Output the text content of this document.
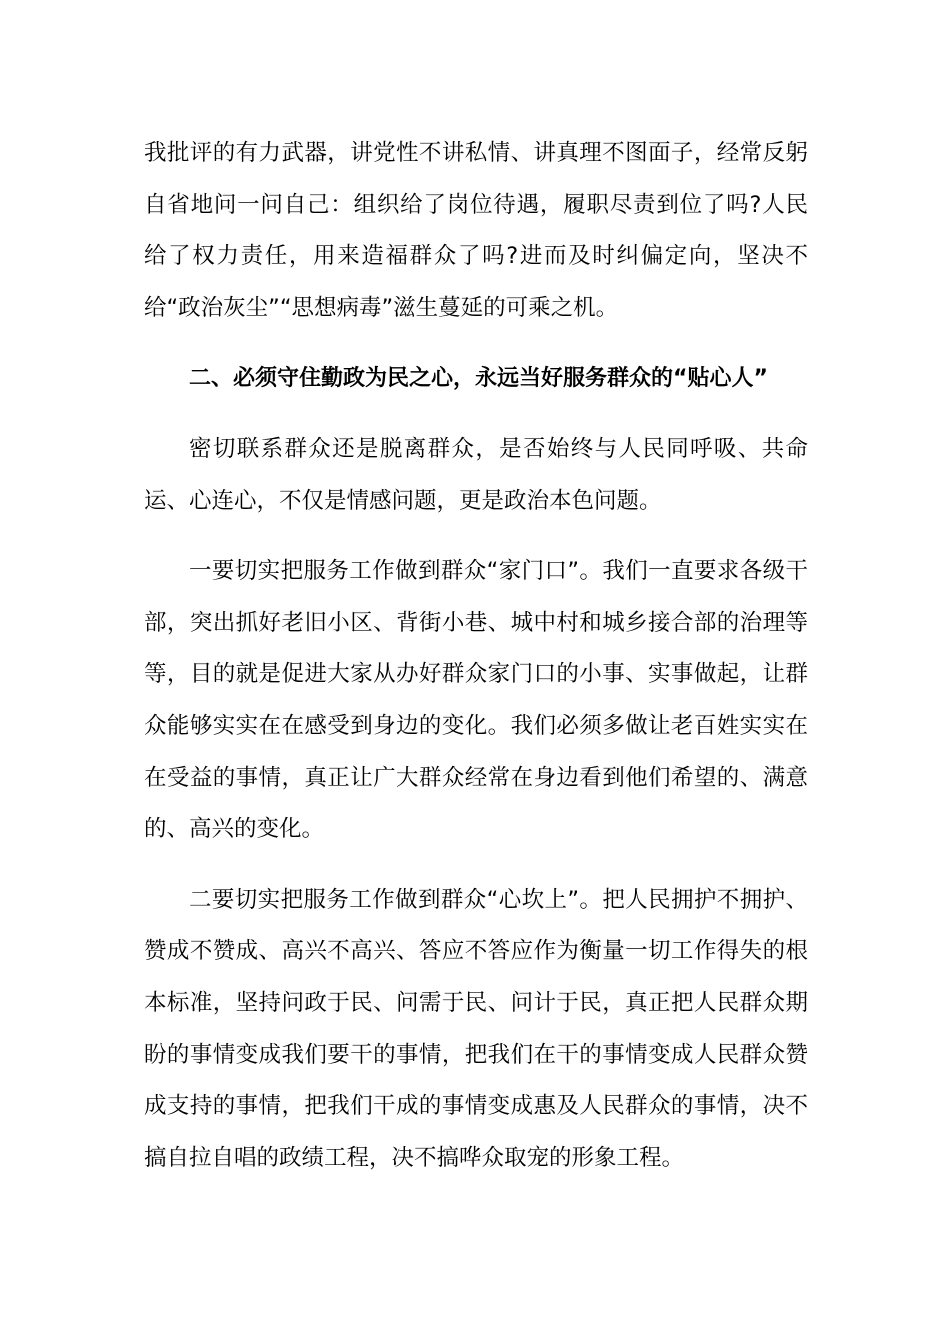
我批评的有力武器，讲党性不讲私情、讲真理不图面子，经常反躬自省地问一问自己：组织给了岗位待遇，履职尽责到位了吗?人民给了权力责任，用来造福群众了吗?进而及时纠偏定向，坚决不给“政治灰尘”“思想病毒”滋生蔓延的可乘之机。

二、必须守住勤政为民之心，永远当好服务群众的“贴心人”

密切联系群众还是脱离群众，是否始终与人民同呼吸、共命运、心连心，不仅是情感问题，更是政治本色问题。

一要切实把服务工作做到群众“家门口”。我们一直要求各级干部，突出抓好老旧小区、背街小巷、城中村和城乡接合部的治理等等，目的就是促进大家从办好群众家门口的小事、实事做起，让群众能够实实在在感受到身边的变化。我们必须多做让老百姓实实在在受益的事情，真正让广大群众经常在身边看到他们希望的、满意的、高兴的变化。

二要切实把服务工作做到群众“心坎上”。把人民拥护不拥护、赞成不赞成、高兴不高兴、答应不答应作为衡量一切工作得失的根本标准，坚持问政于民、问需于民、问计于民，真正把人民群众期盼的事情变成我们要干的事情，把我们在干的事情变成人民群众赞成支持的事情，把我们干成的事情变成惠及人民群众的事情，决不搞自拉自唱的政绩工程，决不搞哗众取宠的形象工程。
